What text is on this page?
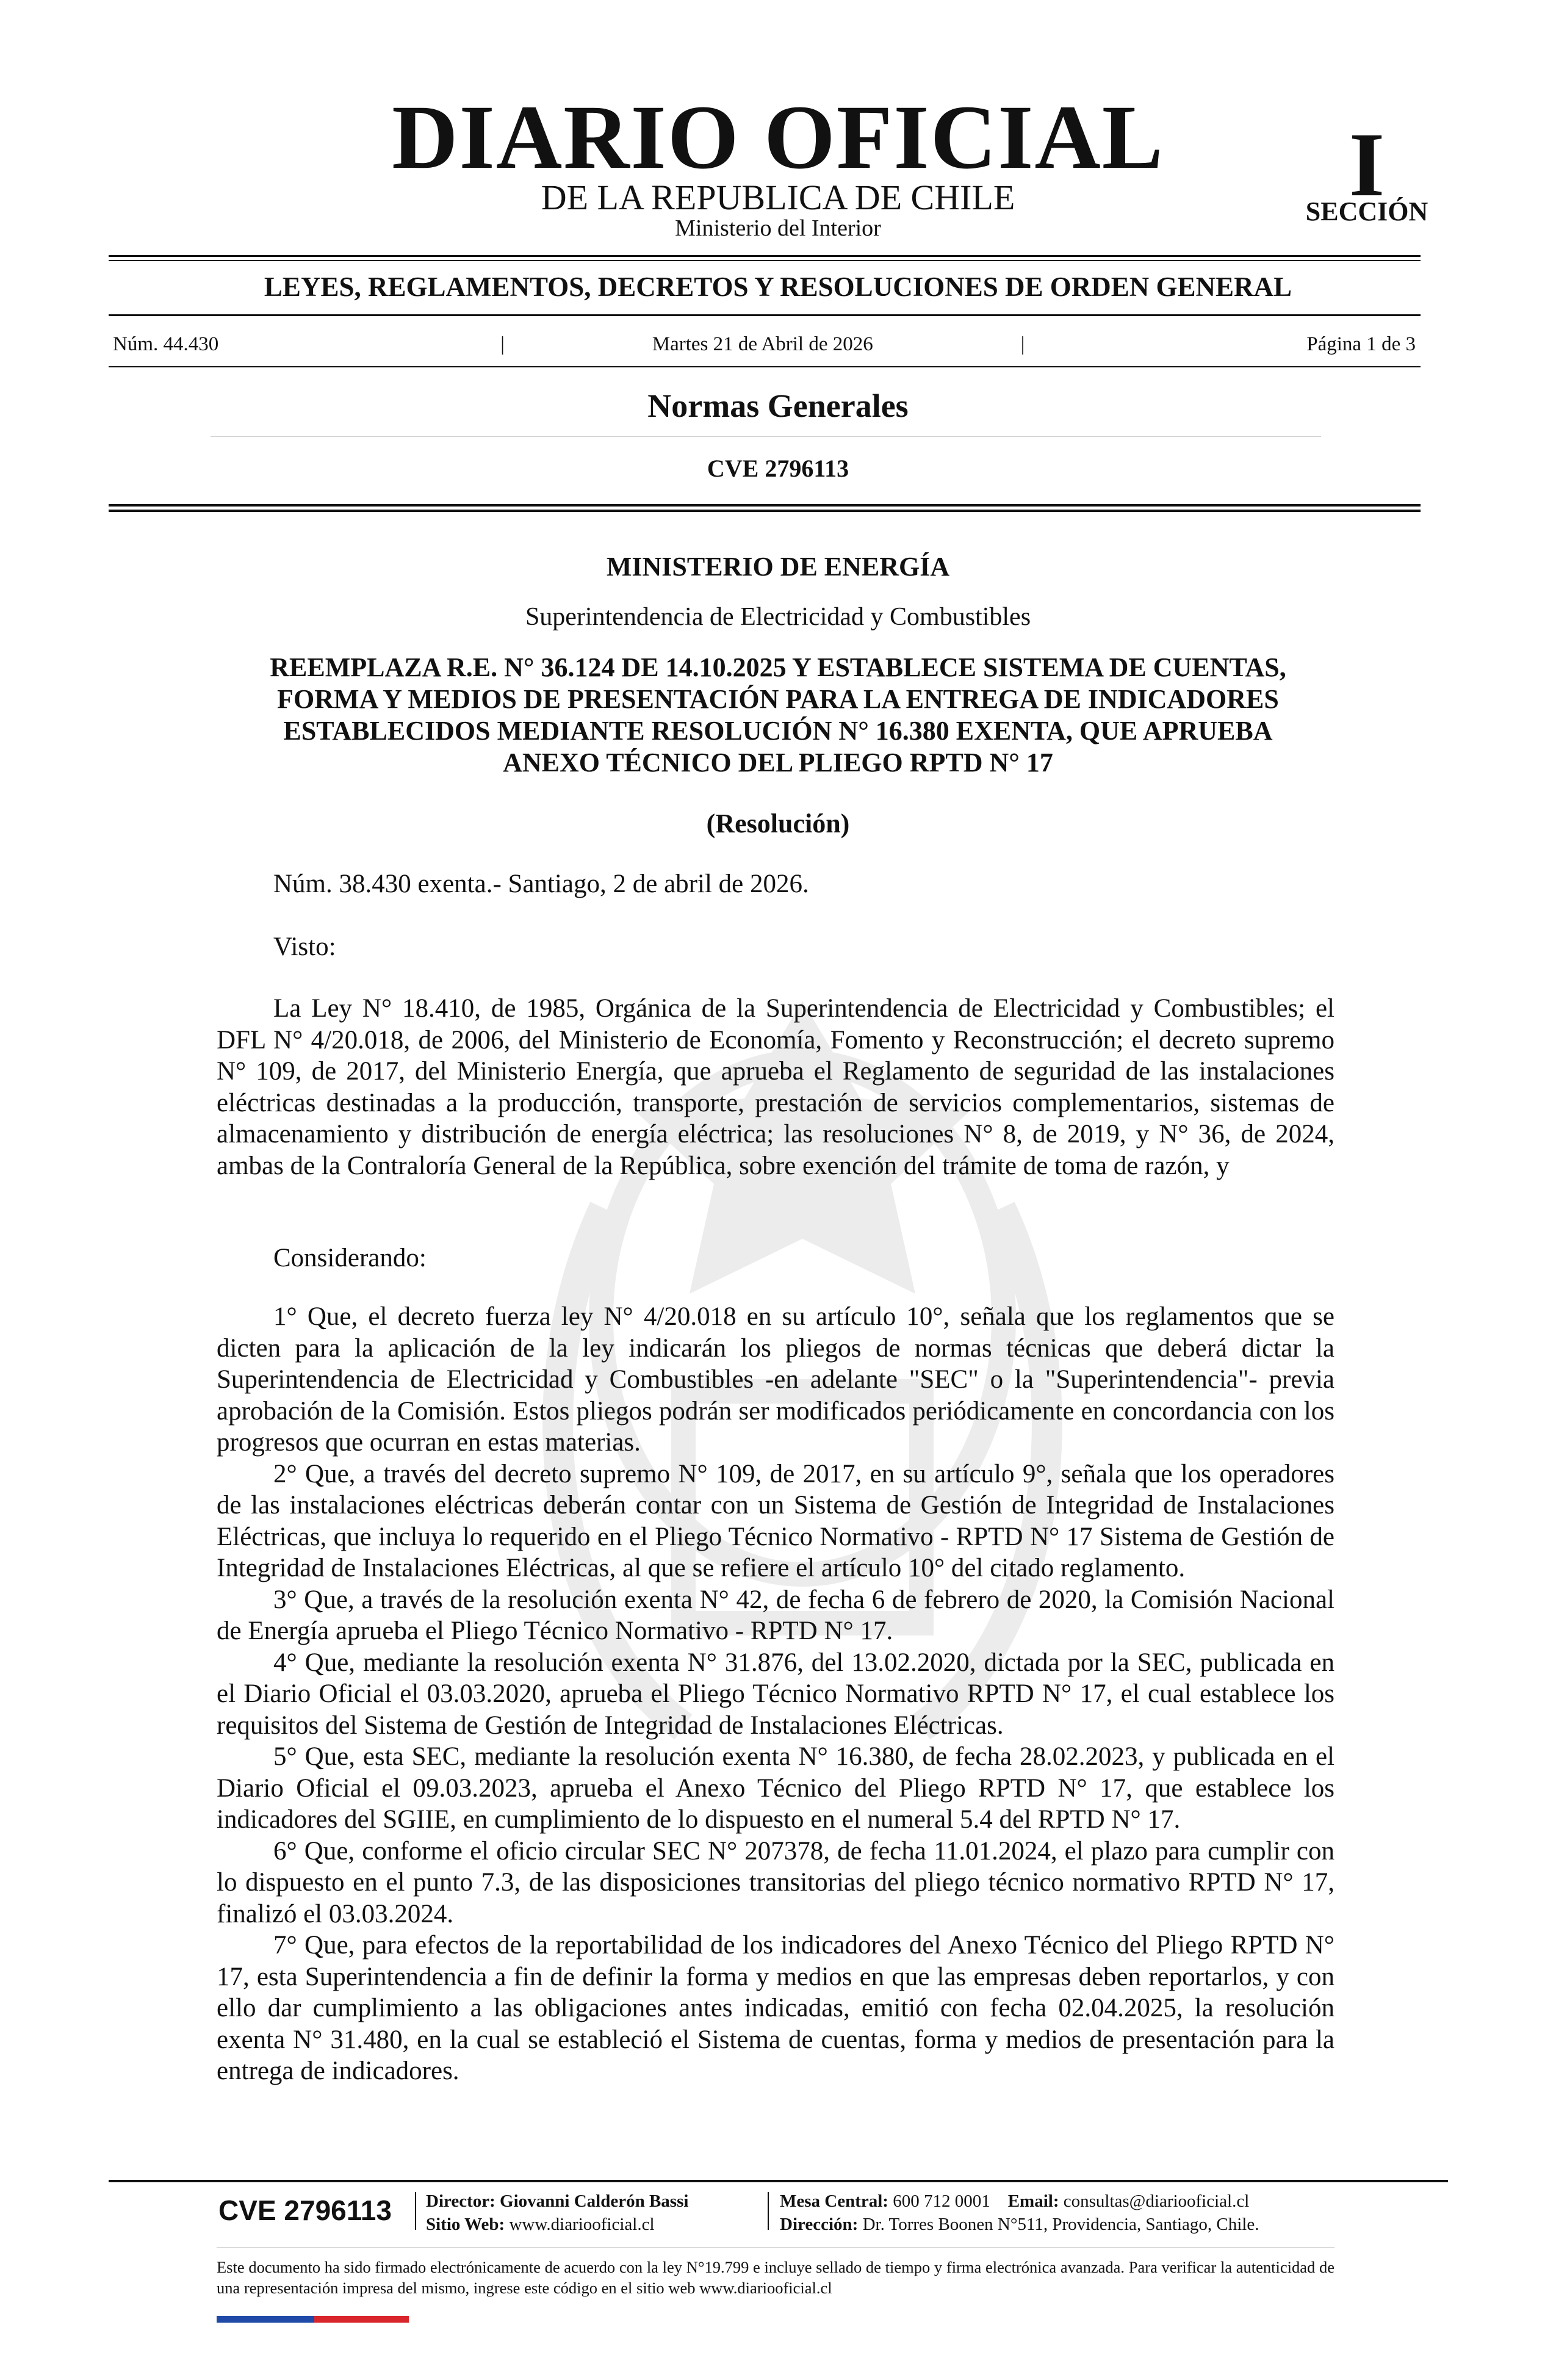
DIARIO OFICIAL
DE LA REPUBLICA DE CHILE
Ministerio del Interior
I
SECCIÓN
LEYES, REGLAMENTOS, DECRETOS Y RESOLUCIONES DE ORDEN GENERAL
Núm. 44.430	|	Martes 21 de Abril de 2026	|	Página 1 de 3
Normas Generales
CVE 2796113
MINISTERIO DE ENERGÍA
Superintendencia de Electricidad y Combustibles
REEMPLAZA R.E. N° 36.124 DE 14.10.2025 Y ESTABLECE SISTEMA DE CUENTAS,
FORMA Y MEDIOS DE PRESENTACIÓN PARA LA ENTREGA DE INDICADORES
ESTABLECIDOS MEDIANTE RESOLUCIÓN N° 16.380 EXENTA, QUE APRUEBA
ANEXO TÉCNICO DEL PLIEGO RPTD N° 17
(Resolución)
Núm. 38.430 exenta.- Santiago, 2 de abril de 2026.
Visto:

La Ley N° 18.410, de 1985, Orgánica de la Superintendencia de Electricidad y Combustibles; el DFL N° 4/20.018, de 2006, del Ministerio de Economía, Fomento y Reconstrucción; el decreto supremo N° 109, de 2017, del Ministerio Energía, que aprueba el Reglamento de seguridad de las instalaciones eléctricas destinadas a la producción, transporte, prestación de servicios complementarios, sistemas de almacenamiento y distribución de energía eléctrica; las resoluciones N° 8, de 2019, y N° 36, de 2024, ambas de la Contraloría General de la República, sobre exención del trámite de toma de razón, y

Considerando:

1° Que, el decreto fuerza ley N° 4/20.018 en su artículo 10°, señala que los reglamentos que se dicten para la aplicación de la ley indicarán los pliegos de normas técnicas que deberá dictar la Superintendencia de Electricidad y Combustibles -en adelante "SEC" o la "Superintendencia"- previa aprobación de la Comisión. Estos pliegos podrán ser modificados periódicamente en concordancia con los progresos que ocurran en estas materias.

2° Que, a través del decreto supremo N° 109, de 2017, en su artículo 9°, señala que los operadores de las instalaciones eléctricas deberán contar con un Sistema de Gestión de Integridad de Instalaciones Eléctricas, que incluya lo requerido en el Pliego Técnico Normativo - RPTD N° 17 Sistema de Gestión de Integridad de Instalaciones Eléctricas, al que se refiere el artículo 10° del citado reglamento.

3° Que, a través de la resolución exenta N° 42, de fecha 6 de febrero de 2020, la Comisión Nacional de Energía aprueba el Pliego Técnico Normativo - RPTD N° 17.

4° Que, mediante la resolución exenta N° 31.876, del 13.02.2020, dictada por la SEC, publicada en el Diario Oficial el 03.03.2020, aprueba el Pliego Técnico Normativo RPTD N° 17, el cual establece los requisitos del Sistema de Gestión de Integridad de Instalaciones Eléctricas.

5° Que, esta SEC, mediante la resolución exenta N° 16.380, de fecha 28.02.2023, y publicada en el Diario Oficial el 09.03.2023, aprueba el Anexo Técnico del Pliego RPTD N° 17, que establece los indicadores del SGIIE, en cumplimiento de lo dispuesto en el numeral 5.4 del RPTD N° 17.

6° Que, conforme el oficio circular SEC N° 207378, de fecha 11.01.2024, el plazo para cumplir con lo dispuesto en el punto 7.3, de las disposiciones transitorias del pliego técnico normativo RPTD N° 17, finalizó el 03.03.2024.

7° Que, para efectos de la reportabilidad de los indicadores del Anexo Técnico del Pliego RPTD N° 17, esta Superintendencia a fin de definir la forma y medios en que las empresas deben reportarlos, y con ello dar cumplimiento a las obligaciones antes indicadas, emitió con fecha 02.04.2025, la resolución exenta N° 31.480, en la cual se estableció el Sistema de cuentas, forma y medios de presentación para la entrega de indicadores.

CVE 2796113	Director: Giovanni Calderón Bassi
Sitio Web: www.diariooficial.cl
Mesa Central: 600 712 0001 Email: consultas@diariooficial.cl
Dirección: Dr. Torres Boonen N°511, Providencia, Santiago, Chile.
Este documento ha sido firmado electrónicamente de acuerdo con la ley N°19.799 e incluye sellado de tiempo y firma electrónica avanzada. Para verificar la autenticidad de una representación impresa del mismo, ingrese este código en el sitio web www.diariooficial.cl
